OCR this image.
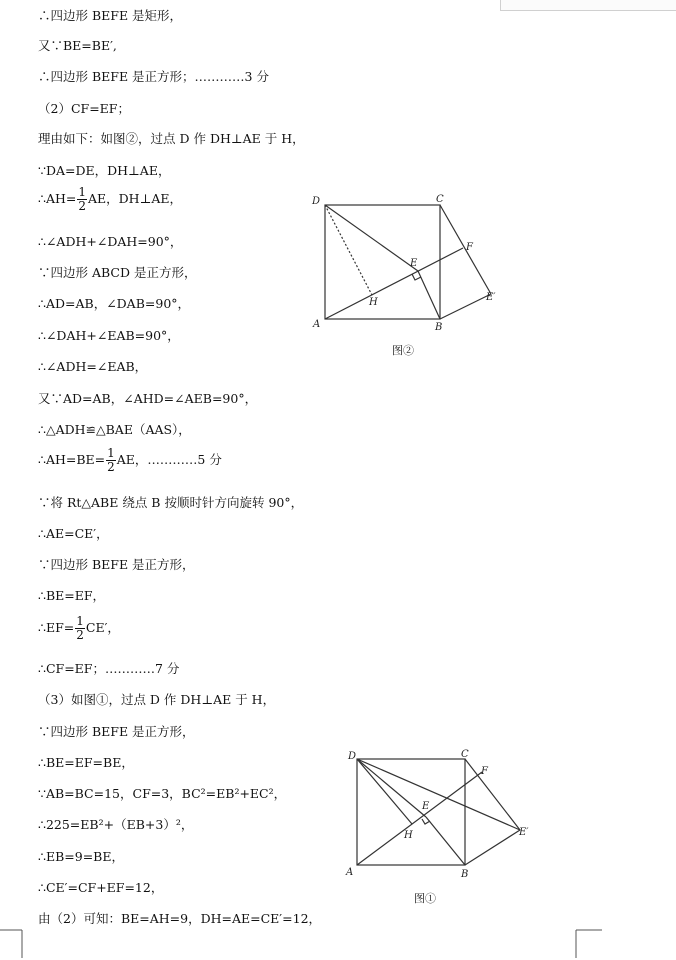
∴四边形 BEFE 是矩形，
又∵BE=BE′,
∴四边形 BEFE 是正方形；…………3 分
（2）CF=EF；
理由如下：如图②，过点 D 作 DH⊥AE 于 H，
∵DA=DE，DH⊥AE，
∴AH= $\frac{1}{2}$ AE，DH⊥AE，
∴∠ADH+∠DAH=90°，
∵四边形 ABCD 是正方形，
∴AD=AB，∠DAB=90°，
∴∠DAH+∠EAB=90°，
∴∠ADH=∠EAB，
又∵AD=AB，∠AHD=∠AEB=90°，
∴△ADH≌△BAE（AAS），
∴AH=BE= $\frac{1}{2}$ AE，…………5 分
∵将 Rt△ABE 绕点 B 按顺时针方向旋转 90°，
∴AE=CE′，
∵四边形 BEFE 是正方形，
∴BE=EF，
∴EF= $\frac{1}{2} CE'$，
∴CF=EF；…………7 分
（3）如图①，过点 D 作 DH⊥AE 于 H，
∵四边形 BEFE 是正方形，
∴BE=EF=BE，
∵AB=BC=15，CF=3，BC²=EB²+EC²，
∴225=EB²+（EB+3）²，
∴EB=9=BE，
∴CE′=CF+EF=12，
由（2）可知：BE=AH=9，DH=AE=CE′=12，
D	C
A	B
E
F
E′
H
图②
D	C
A	B
E
F
E′
H
图①
